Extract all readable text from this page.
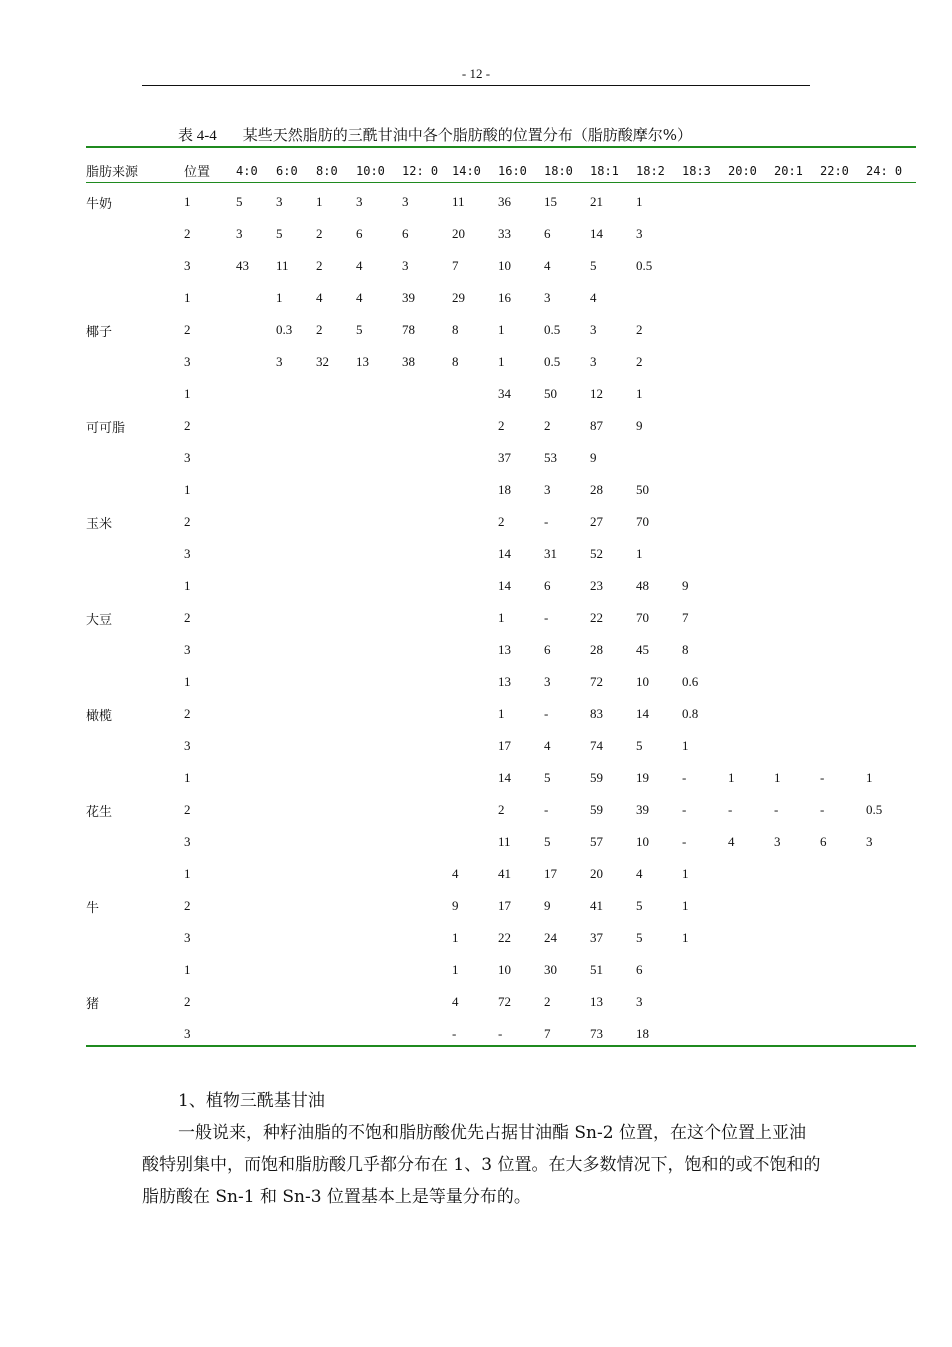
- 12 -
表 4-4 某些天然脂肪的三酰甘油中各个脂肪酸的位置分布（脂肪酸摩尔%）
脂肪来源	位置	4:0	6:0	8:0	10:0	12: 0	14:0	16:0	18:0	18:1	18:2	18:3	20:0	20:1	22:0	24: 0
牛奶	1	5	3	1	3	3	11	36	15	21	1					
	2	3	5	2	6	6	20	33	6	14	3					
	3	43	11	2	4	3	7	10	4	5	0.5					
	1		1	4	4	39	29	16	3	4						
椰子	2		0.3	2	5	78	8	1	0.5	3	2					
	3		3	32	13	38	8	1	0.5	3	2					
	1							34	50	12	1					
可可脂	2							2	2	87	9					
	3							37	53	9						
	1							18	3	28	50					
玉米	2							2	-	27	70					
	3							14	31	52	1					
	1							14	6	23	48	9				
大豆	2							1	-	22	70	7				
	3							13	6	28	45	8				
	1							13	3	72	10	0.6				
橄榄	2							1	-	83	14	0.8				
	3							17	4	74	5	1				
	1							14	5	59	19	-	1	1	-	1
花生	2							2	-	59	39	-	-	-	-	0.5
	3							11	5	57	10	-	4	3	6	3
	1						4	41	17	20	4	1				
牛	2						9	17	9	41	5	1				
	3						1	22	24	37	5	1				
	1						1	10	30	51	6					
猪	2						4	72	2	13	3					
	3						-	-	7	73	18					

1、植物三酰基甘油

一般说来，种籽油脂的不饱和脂肪酸优先占据甘油酯 Sn-2 位置，在这个位置上亚油酸特别集中，而饱和脂肪酸几乎都分布在 1、3 位置。在大多数情况下，饱和的或不饱和的脂肪酸在 Sn-1 和 Sn-3 位置基本上是等量分布的。
